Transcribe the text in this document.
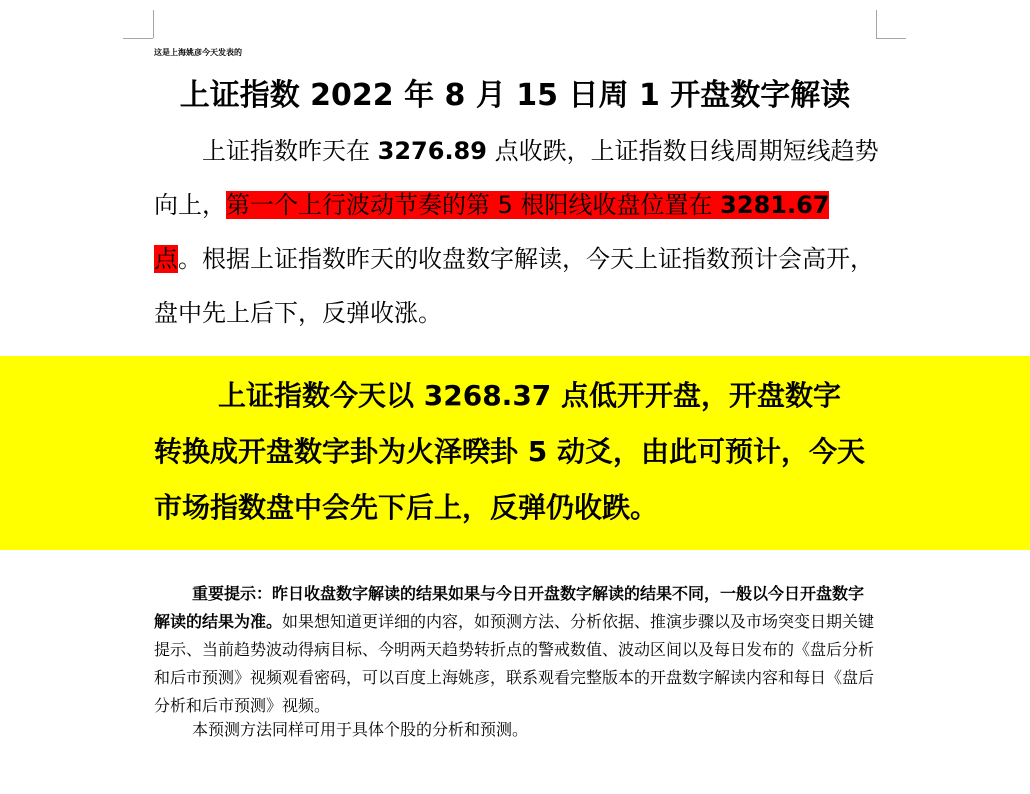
这是上海姚彦今天发表的
上证指数 2022 年 8 月 15 日周 1 开盘数字解读
上证指数昨天在 3276.89 点收跌，上证指数日线周期短线趋势向上，第一个上行波动节奏的第 5 根阳线收盘位置在 3281.67 点。根据上证指数昨天的收盘数字解读，今天上证指数预计会高开，盘中先上后下，反弹收涨。
上证指数今天以 3268.37 点低开开盘，开盘数字转换成开盘数字卦为火泽暌卦 5 动爻，由此可预计，今天市场指数盘中会先下后上，反弹仍收跌。
重要提示：昨日收盘数字解读的结果如果与今日开盘数字解读的结果不同，一般以今日开盘数字解读的结果为准。如果想知道更详细的内容，如预测方法、分析依据、推演步骤以及市场突变日期关键提示、当前趋势波动得病目标、今明两天趋势转折点的警戒数值、波动区间以及每日发布的《盘后分析和后市预测》视频观看密码，可以百度上海姚彦，联系观看完整版本的开盘数字解读内容和每日《盘后分析和后市预测》视频。
本预测方法同样可用于具体个股的分析和预测。
